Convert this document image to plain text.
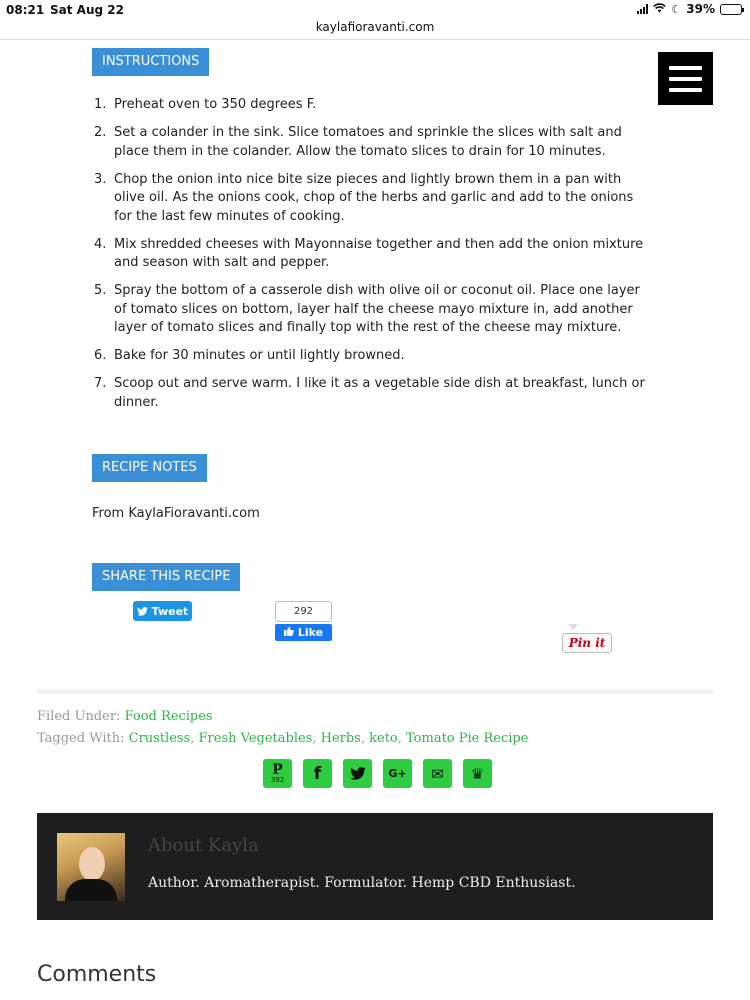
08:21 Sat Aug 22	☾ 39%
kaylafioravanti.com
INSTRUCTIONS
1. Preheat oven to 350 degrees F.
2. Set a colander in the sink. Slice tomatoes and sprinkle the slices with salt and place them in the colander. Allow the tomato slices to drain for 10 minutes.
3. Chop the onion into nice bite size pieces and lightly brown them in a pan with olive oil. As the onions cook, chop of the herbs and garlic and add to the onions for the last few minutes of cooking.
4. Mix shredded cheeses with Mayonnaise together and then add the onion mixture and season with salt and pepper.
5. Spray the bottom of a casserole dish with olive oil or coconut oil. Place one layer of tomato slices on bottom, layer half the cheese mayo mixture in, add another layer of tomato slices and finally top with the rest of the cheese may mixture.
6. Bake for 30 minutes or until lightly browned.
7. Scoop out and serve warm. I like it as a vegetable side dish at breakfast, lunch or dinner.
RECIPE NOTES
From KaylaFioravanti.com
SHARE THIS RECIPE
Tweet	292
Like
Pin it
Filed Under: Food Recipes
Tagged With: Crustless, Fresh Vegetables, Herbs, keto, Tomato Pie Recipe
P
392 f	G+ ✉ ♛
About Kayla
Author. Aromatherapist. Formulator. Hemp CBD Enthusiast.
Comments
